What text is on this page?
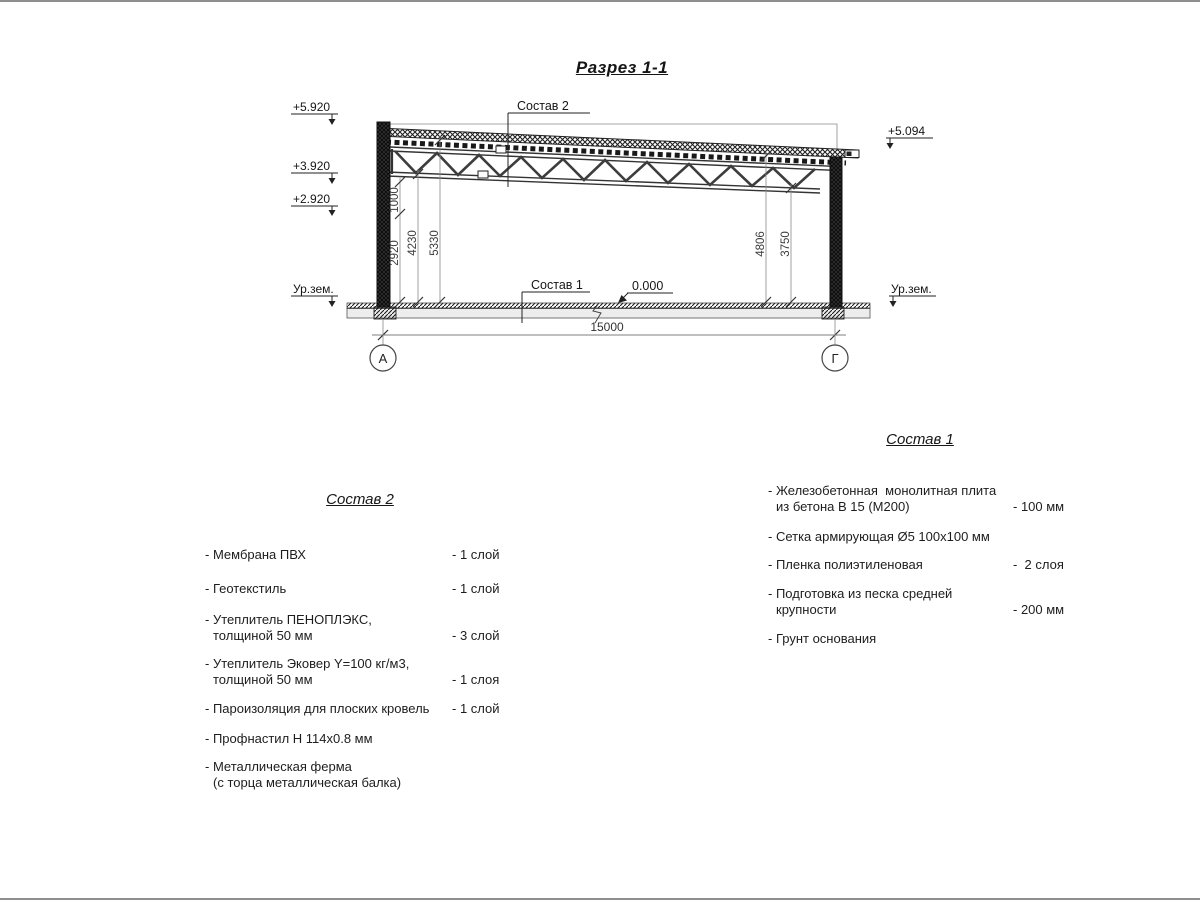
Разрез 1-1
1000
2920 4230 5330	4806 3750
15000
А	Г
+5.920
+3.920
+2.920
Ур.зем.
+5.094
Ур.зем.
Состав 2
Состав 1	0.000
Состав 2
- Мембрана ПВХ	- 1 слой
- Геотекстиль	- 1 слой
- Утеплитель ПЕНОПЛЭКС,
толщиной 50 мм	- 3 слой
- Утеплитель Эковер Y=100 кг/м3,
толщиной 50 мм	- 1 слоя
- Пароизоляция для плоских кровель	- 1 слой
- Профнастил Н 114х0.8 мм
- Металлическая ферма
(с торца металлическая балка)
Состав 1
- Железобетонная  монолитная плита
из бетона В 15 (М200)	- 100 мм
- Сетка армирующая Ø5 100х100 мм
- Пленка полиэтиленовая	-  2 слоя
- Подготовка из песка средней
крупности	- 200 мм
- Грунт основания
